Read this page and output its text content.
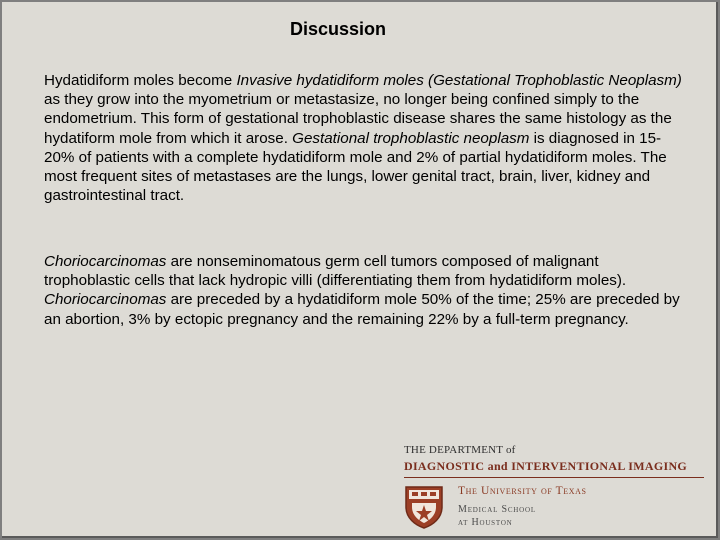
Discussion

Hydatidiform moles become Invasive hydatidiform moles (Gestational Trophoblastic Neoplasm) as they grow into the myometrium or metastasize, no longer being confined simply to the endometrium. This form of gestational trophoblastic disease shares the same histology as the hydatiform mole from which it arose. Gestational trophoblastic neoplasm is diagnosed in 15-20% of patients with a complete hydatidiform mole and 2% of partial hydatidiform moles. The most frequent sites of metastases are the lungs, lower genital tract, brain, liver, kidney and gastrointestinal tract.

Choriocarcinomas are nonseminomatous germ cell tumors composed of malignant trophoblastic cells that lack hydropic villi (differentiating them from hydatidiform moles). Choriocarcinomas are preceded by a hydatidiform mole 50% of the time; 25% are preceded by an abortion, 3% by ectopic pregnancy and the remaining 22% by a full-term pregnancy.

THE DEPARTMENT of
DIAGNOSTIC and INTERVENTIONAL IMAGING
The University of Texas
Medical School
at Houston
